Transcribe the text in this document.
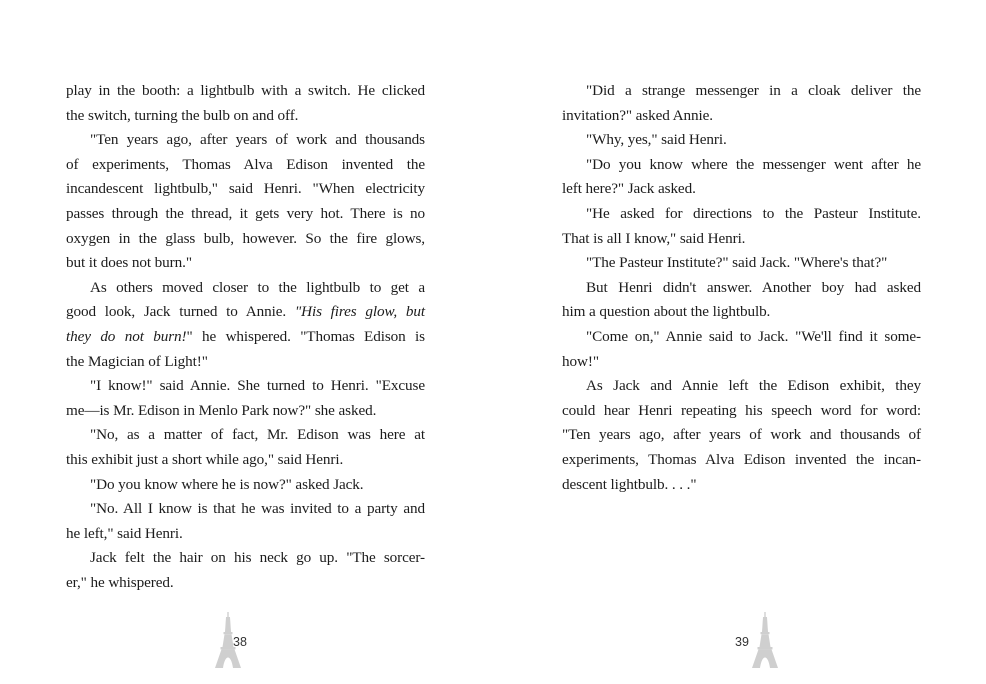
play in the booth: a lightbulb with a switch. He clicked
the switch, turning the bulb on and off.
"Ten years ago, after years of work and thousands
of experiments, Thomas Alva Edison invented the
incandescent lightbulb," said Henri. "When electricity
passes through the thread, it gets very hot. There is no
oxygen in the glass bulb, however. So the fire glows,
but it does not burn."
As others moved closer to the lightbulb to get a
good look, Jack turned to Annie. "His fires glow, but
they do not burn!" he whispered. "Thomas Edison is
the Magician of Light!"
"I know!" said Annie. She turned to Henri. "Excuse
me—is Mr. Edison in Menlo Park now?" she asked.
"No, as a matter of fact, Mr. Edison was here at
this exhibit just a short while ago," said Henri.
"Do you know where he is now?" asked Jack.
"No. All I know is that he was invited to a party and
he left," said Henri.
Jack felt the hair on his neck go up. "The sorcer-
er," he whispered.
"Did a strange messenger in a cloak deliver the
invitation?" asked Annie.
"Why, yes," said Henri.
"Do you know where the messenger went after he
left here?" Jack asked.
"He asked for directions to the Pasteur Institute.
That is all I know," said Henri.
"The Pasteur Institute?" said Jack. "Where's that?"
But Henri didn't answer. Another boy had asked
him a question about the lightbulb.
"Come on," Annie said to Jack. "We'll find it some-
how!"
As Jack and Annie left the Edison exhibit, they
could hear Henri repeating his speech word for word:
"Ten years ago, after years of work and thousands of
experiments, Thomas Alva Edison invented the incan-
descent lightbulb. . . ."
38	39
